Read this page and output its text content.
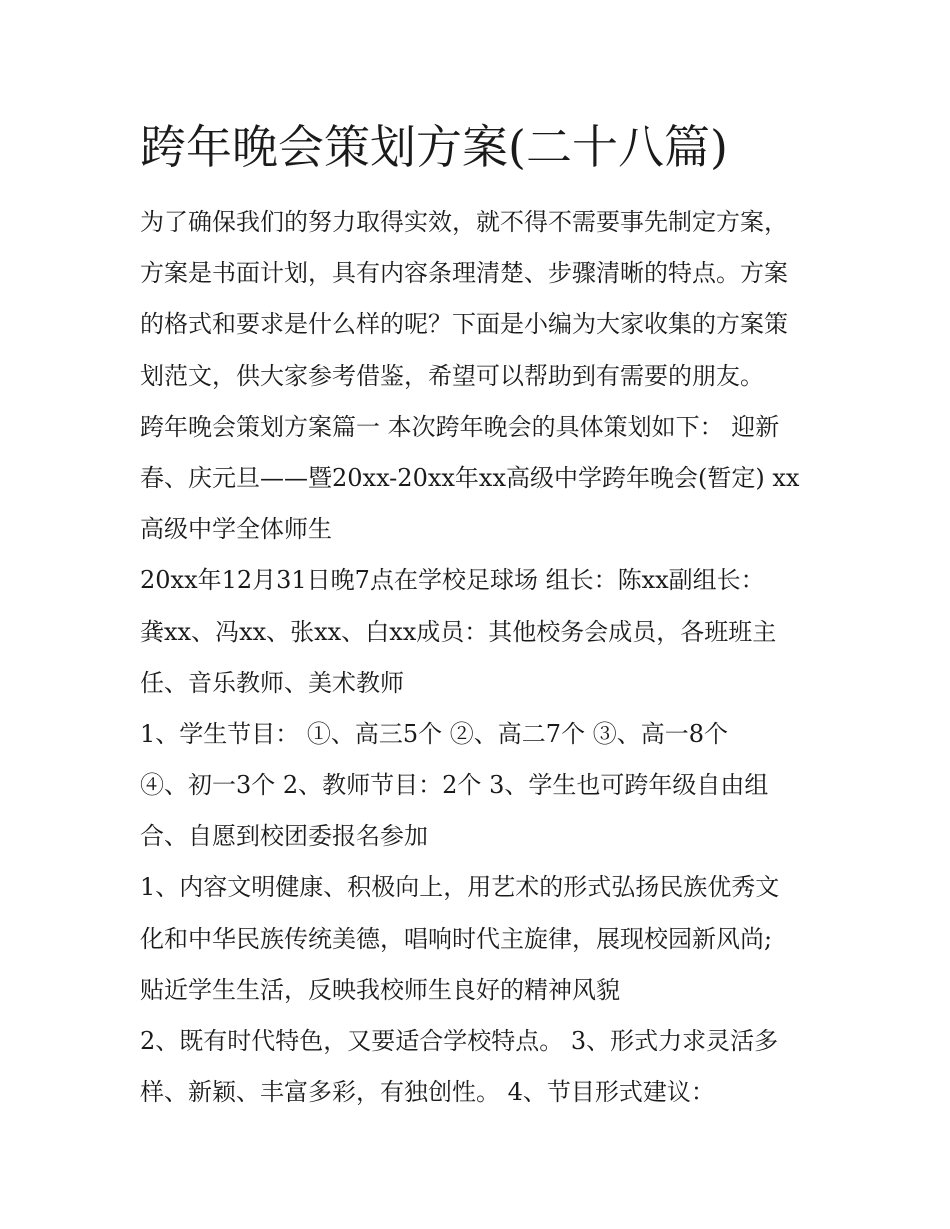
跨年晚会策划方案(二十八篇)
为了确保我们的努力取得实效，就不得不需要事先制定方案，
方案是书面计划，具有内容条理清楚、步骤清晰的特点。方案
的格式和要求是什么样的呢？下面是小编为大家收集的方案策
划范文，供大家参考借鉴，希望可以帮助到有需要的朋友。
跨年晚会策划方案篇一 本次跨年晚会的具体策划如下： 迎新
春、庆元旦——暨20xx-20xx年xx高级中学跨年晚会(暂定) xx
高级中学全体师生
20xx年12月31日晚7点在学校足球场 组长：陈xx副组长：
龚xx、冯xx、张xx、白xx成员：其他校务会成员，各班班主
任、音乐教师、美术教师
1、学生节目： ①、高三5个 ②、高二7个 ③、高一8个
④、初一3个 2、教师节目：2个 3、学生也可跨年级自由组
合、自愿到校团委报名参加
1、内容文明健康、积极向上，用艺术的形式弘扬民族优秀文
化和中华民族传统美德，唱响时代主旋律，展现校园新风尚;
贴近学生生活，反映我校师生良好的精神风貌
2、既有时代特色，又要适合学校特点。 3、形式力求灵活多
样、新颖、丰富多彩，有独创性。 4、节目形式建议：
